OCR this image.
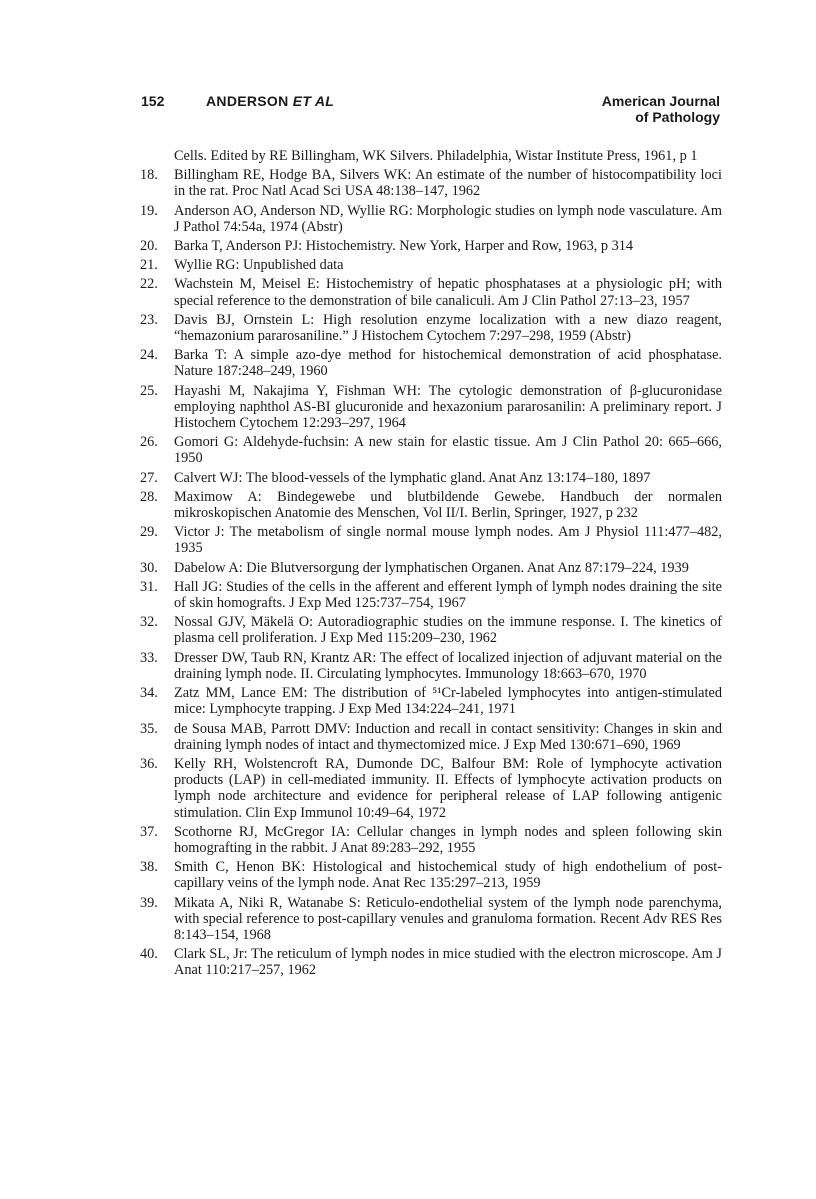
152	ANDERSON ET AL	American Journal
of Pathology
Cells. Edited by RE Billingham, WK Silvers. Philadelphia, Wistar Institute Press, 1961, p 1
18.	Billingham RE, Hodge BA, Silvers WK: An estimate of the number of histocompatibility loci in the rat. Proc Natl Acad Sci USA 48:138–147, 1962
19.	Anderson AO, Anderson ND, Wyllie RG: Morphologic studies on lymph node vasculature. Am J Pathol 74:54a, 1974 (Abstr)
20.	Barka T, Anderson PJ: Histochemistry. New York, Harper and Row, 1963, p 314
21.	Wyllie RG: Unpublished data
22.	Wachstein M, Meisel E: Histochemistry of hepatic phosphatases at a physiologic pH; with special reference to the demonstration of bile canaliculi. Am J Clin Pathol 27:13–23, 1957
23.	Davis BJ, Ornstein L: High resolution enzyme localization with a new diazo reagent, “hemazonium pararosaniline.” J Histochem Cytochem 7:297–298, 1959 (Abstr)
24.	Barka T: A simple azo-dye method for histochemical demonstration of acid phosphatase. Nature 187:248–249, 1960
25.	Hayashi M, Nakajima Y, Fishman WH: The cytologic demonstration of β-glucuronidase employing naphthol AS-BI glucuronide and hexazonium pararosanilin: A preliminary report. J Histochem Cytochem 12:293–297, 1964
26.	Gomori G: Aldehyde-fuchsin: A new stain for elastic tissue. Am J Clin Pathol 20: 665–666, 1950
27.	Calvert WJ: The blood-vessels of the lymphatic gland. Anat Anz 13:174–180, 1897
28.	Maximow A: Bindegewebe und blutbildende Gewebe. Handbuch der normalen mikroskopischen Anatomie des Menschen, Vol II/I. Berlin, Springer, 1927, p 232
29.	Victor J: The metabolism of single normal mouse lymph nodes. Am J Physiol 111:477–482, 1935
30.	Dabelow A: Die Blutversorgung der lymphatischen Organen. Anat Anz 87:179–224, 1939
31.	Hall JG: Studies of the cells in the afferent and efferent lymph of lymph nodes draining the site of skin homografts. J Exp Med 125:737–754, 1967
32.	Nossal GJV, Mäkelä O: Autoradiographic studies on the immune response. I. The kinetics of plasma cell proliferation. J Exp Med 115:209–230, 1962
33.	Dresser DW, Taub RN, Krantz AR: The effect of localized injection of adjuvant material on the draining lymph node. II. Circulating lymphocytes. Immunology 18:663–670, 1970
34.	Zatz MM, Lance EM: The distribution of ⁵¹Cr-labeled lymphocytes into antigen-stimulated mice: Lymphocyte trapping. J Exp Med 134:224–241, 1971
35.	de Sousa MAB, Parrott DMV: Induction and recall in contact sensitivity: Changes in skin and draining lymph nodes of intact and thymectomized mice. J Exp Med 130:671–690, 1969
36.	Kelly RH, Wolstencroft RA, Dumonde DC, Balfour BM: Role of lymphocyte activation products (LAP) in cell-mediated immunity. II. Effects of lymphocyte activation products on lymph node architecture and evidence for peripheral release of LAP following antigenic stimulation. Clin Exp Immunol 10:49–64, 1972
37.	Scothorne RJ, McGregor IA: Cellular changes in lymph nodes and spleen following skin homografting in the rabbit. J Anat 89:283–292, 1955
38.	Smith C, Henon BK: Histological and histochemical study of high endothelium of post-capillary veins of the lymph node. Anat Rec 135:297–213, 1959
39.	Mikata A, Niki R, Watanabe S: Reticulo-endothelial system of the lymph node parenchyma, with special reference to post-capillary venules and granuloma formation. Recent Adv RES Res 8:143–154, 1968
40.	Clark SL, Jr: The reticulum of lymph nodes in mice studied with the electron microscope. Am J Anat 110:217–257, 1962
